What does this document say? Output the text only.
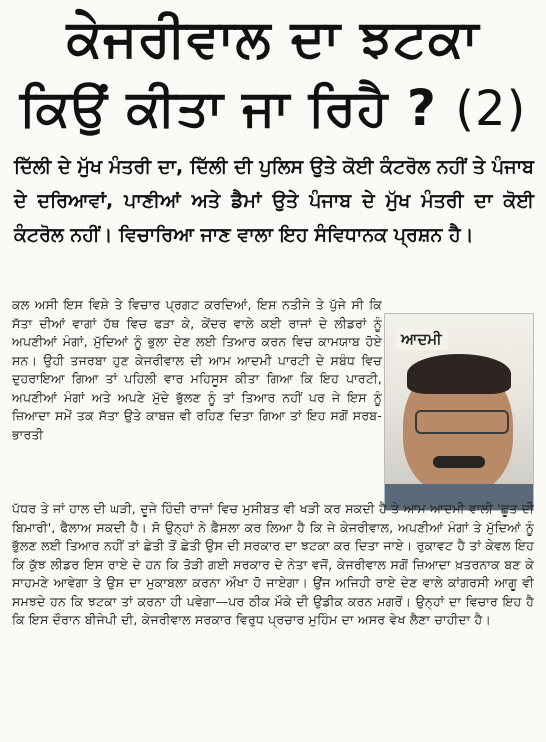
ਕੇਜਰੀਵਾਲ ਦਾ ਝਟਕਾ
ਕਿਉਂ ਕੀਤਾ ਜਾ ਰਿਹੈ ? (2)
ਦਿੱਲੀ ਦੇ ਮੁੱਖ ਮੰਤਰੀ ਦਾ, ਦਿੱਲੀ ਦੀ ਪੁਲਿਸ ਉਤੇ ਕੋਈ ਕੰਟਰੋਲ ਨਹੀਂ ਤੇ ਪੰਜਾਬ ਦੇ ਦਰਿਆਵਾਂ, ਪਾਣੀਆਂ ਅਤੇ ਡੈਮਾਂ ਉਤੇ ਪੰਜਾਬ ਦੇ ਮੁੱਖ ਮੰਤਰੀ ਦਾ ਕੋਈ ਕੰਟਰੋਲ ਨਹੀਂ। ਵਿਚਾਰਿਆ ਜਾਣ ਵਾਲਾ ਇਹ ਸੰਵਿਧਾਨਕ ਪ੍ਰਸ਼ਨ ਹੈ।
ਕਲ ਅਸੀ ਇਸ ਵਿਸ਼ੇ ਤੇ ਵਿਚਾਰ ਪ੍ਰਗਟ ਕਰਦਿਆਂ, ਇਸ ਨਤੀਜੇ ਤੇ ਪੁੱਜੇ ਸੀ ਕਿ ਸੱਤਾ ਦੀਆਂ ਵਾਗਾਂ ਹੱਥ ਵਿਚ ਫੜਾ ਕੇ, ਕੇਂਦਰ ਵਾਲੇ ਕਈ ਰਾਜਾਂ ਦੇ ਲੀਡਰਾਂ ਨੂੰ ਅਪਣੀਆਂ ਮੰਗਾਂ, ਮੁੱਦਿਆਂ ਨੂੰ ਭੁਲਾ ਦੇਣ ਲਈ ਤਿਆਰ ਕਰਨ ਵਿਚ ਕਾਮਯਾਬ ਹੋਏ ਸਨ। ਉਹੀ ਤਜਰਬਾ ਹੁਣ ਕੇਜਰੀਵਾਲ ਦੀ ਆਮ ਆਦਮੀ ਪਾਰਟੀ ਦੇ ਸਬੰਧ ਵਿਚ ਦੁਹਰਾਇਆ ਗਿਆ ਤਾਂ ਪਹਿਲੀ ਵਾਰ ਮਹਿਸੂਸ ਕੀਤਾ ਗਿਆ ਕਿ ਇਹ ਪਾਰਟੀ, ਅਪਣੀਆਂ ਮੰਗਾਂ ਅਤੇ ਅਪਣੇ ਮੁੱਦੇ ਭੁੱਲਣ ਨੂੰ ਤਾਂ ਤਿਆਰ ਨਹੀਂ ਪਰ ਜੇ ਇਸ ਨੂੰ ਜ਼ਿਆਦਾ ਸਮੇਂ ਤਕ ਸੱਤਾ ਉਤੇ ਕਾਬਜ਼ ਵੀ ਰਹਿਣ ਦਿਤਾ ਗਿਆ ਤਾਂ ਇਹ ਸਗੋਂ ਸਰਬ-ਭਾਰਤੀ
ਆਦਮੀ
ਪੱਧਰ ਤੇ ਜਾਂ ਹਾਲ ਦੀ ਘੜੀ, ਦੂਜੇ ਹਿੰਦੀ ਰਾਜਾਂ ਵਿਚ ਮੁਸੀਬਤ ਵੀ ਖੜੀ ਕਰ ਸਕਦੀ ਹੈ ਤੇ ਆਮ ਆਦਮੀ ਵਾਲੀ 'ਛੂਤ ਦੀ ਬਿਮਾਰੀ', ਫੈਲਾਅ ਸਕਦੀ ਹੈ। ਸੋ ਉਨ੍ਹਾਂ ਨੇ ਫ਼ੈਸਲਾ ਕਰ ਲਿਆ ਹੈ ਕਿ ਜੇ ਕੇਜਰੀਵਾਲ, ਅਪਣੀਆਂ ਮੰਗਾਂ ਤੇ ਮੁੱਦਿਆਂ ਨੂੰ ਭੁੱਲਣ ਲਈ ਤਿਆਰ ਨਹੀਂ ਤਾਂ ਛੇਤੀ ਤੋਂ ਛੇਤੀ ਉਸ ਦੀ ਸਰਕਾਰ ਦਾ ਝਟਕਾ ਕਰ ਦਿਤਾ ਜਾਏ। ਰੁਕਾਵਟ ਹੈ ਤਾਂ ਕੇਵਲ ਇਹ ਕਿ ਕੁੱਝ ਲੀਡਰ ਇਸ ਰਾਏ ਦੇ ਹਨ ਕਿ ਤੋੜੀ ਗਈ ਸਰਕਾਰ ਦੇ ਨੇਤਾ ਵਜੋਂ, ਕੇਜਰੀਵਾਲ ਸਗੋਂ ਜ਼ਿਆਦਾ ਖ਼ਤਰਨਾਕ ਬਣ ਕੇ ਸਾਹਮਣੇ ਆਵੇਗਾ ਤੇ ਉਸ ਦਾ ਮੁਕਾਬਲਾ ਕਰਨਾ ਔਖਾ ਹੋ ਜਾਏਗਾ। ਉਂਜ ਅਜਿਹੀ ਰਾਏ ਦੇਣ ਵਾਲੇ ਕਾਂਗਰਸੀ ਆਗੂ ਵੀ ਸਮਝਦੇ ਹਨ ਕਿ ਝਟਕਾ ਤਾਂ ਕਰਨਾ ਹੀ ਪਵੇਗਾ—ਪਰ ਠੀਕ ਮੌਕੇ ਦੀ ਉਡੀਕ ਕਰਨ ਮਗਰੋਂ। ਉਨ੍ਹਾਂ ਦਾ ਵਿਚਾਰ ਇਹ ਹੈ ਕਿ ਇਸ ਦੌਰਾਨ ਬੀਜੇਪੀ ਦੀ, ਕੇਜਰੀਵਾਲ ਸਰਕਾਰ ਵਿਰੁਧ ਪ੍ਰਚਾਰ ਮੁਹਿੰਮ ਦਾ ਅਸਰ ਵੇਖ ਲੈਣਾ ਚਾਹੀਦਾ ਹੈ।
